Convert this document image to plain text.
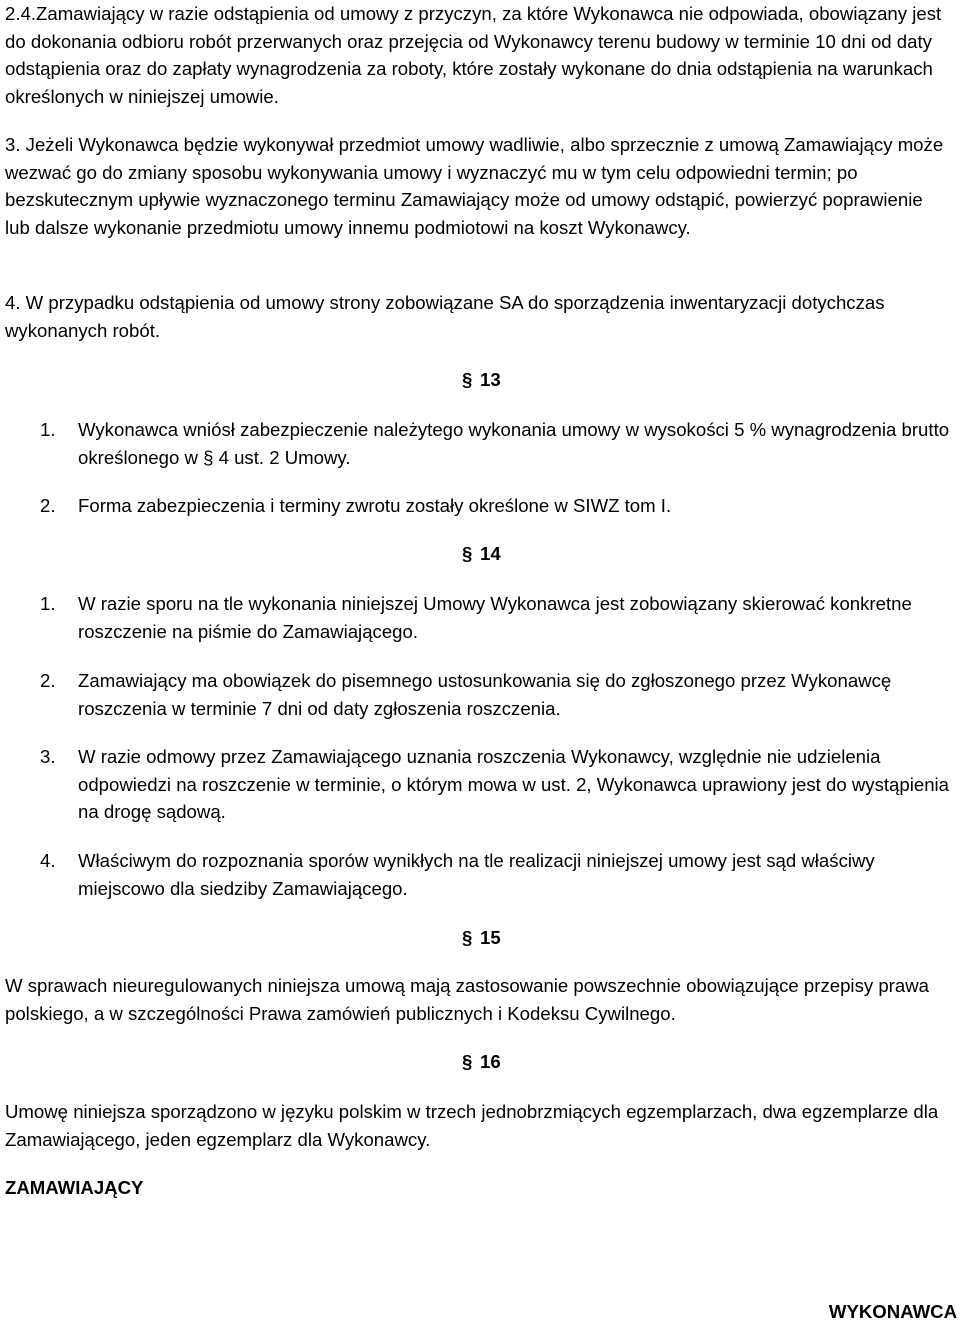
2.4.Zamawiający w razie odstąpienia od umowy z przyczyn, za które Wykonawca nie odpowiada, obowiązany jest do dokonania odbioru robót przerwanych oraz przejęcia od Wykonawcy terenu budowy w terminie 10 dni od daty odstąpienia oraz do zapłaty wynagrodzenia za roboty, które zostały wykonane do dnia odstąpienia na warunkach określonych w niniejszej umowie.

3. Jeżeli Wykonawca będzie wykonywał przedmiot umowy wadliwie, albo sprzecznie z umową Zamawiający może wezwać go do zmiany sposobu wykonywania umowy i wyznaczyć mu w tym celu odpowiedni termin; po bezskutecznym upływie wyznaczonego terminu Zamawiający może od umowy odstąpić, powierzyć poprawienie lub dalsze wykonanie przedmiotu umowy innemu podmiotowi na koszt Wykonawcy.

4. W przypadku odstąpienia od umowy strony zobowiązane SA do sporządzenia inwentaryzacji dotychczas wykonanych robót.

§ 13
1.	Wykonawca wniósł zabezpieczenie należytego wykonania umowy w wysokości 5 % wynagrodzenia brutto określonego w § 4 ust. 2 Umowy.
2.	Forma zabezpieczenia i terminy zwrotu zostały określone w SIWZ tom I.
§ 14
1.	W razie sporu na tle wykonania niniejszej Umowy Wykonawca jest zobowiązany skierować konkretne roszczenie na piśmie do Zamawiającego.
2.	Zamawiający ma obowiązek do pisemnego ustosunkowania się do zgłoszonego przez Wykonawcę roszczenia w terminie 7 dni od daty zgłoszenia roszczenia.
3.	W razie odmowy przez Zamawiającego uznania roszczenia Wykonawcy, względnie nie udzielenia odpowiedzi na roszczenie w terminie, o którym mowa w ust. 2, Wykonawca uprawiony jest do wystąpienia na drogę sądową.
4.	Właściwym do rozpoznania sporów wynikłych na tle realizacji niniejszej umowy jest sąd właściwy miejscowo dla siedziby Zamawiającego.
§ 15

W sprawach nieuregulowanych niniejsza umową mają zastosowanie powszechnie obowiązujące przepisy prawa polskiego, a w szczególności Prawa zamówień publicznych i Kodeksu Cywilnego.

§ 16

Umowę niniejsza sporządzono w języku polskim w trzech jednobrzmiących egzemplarzach, dwa egzemplarze dla Zamawiającego, jeden egzemplarz dla Wykonawcy.

ZAMAWIAJĄCY
WYKONAWCA
